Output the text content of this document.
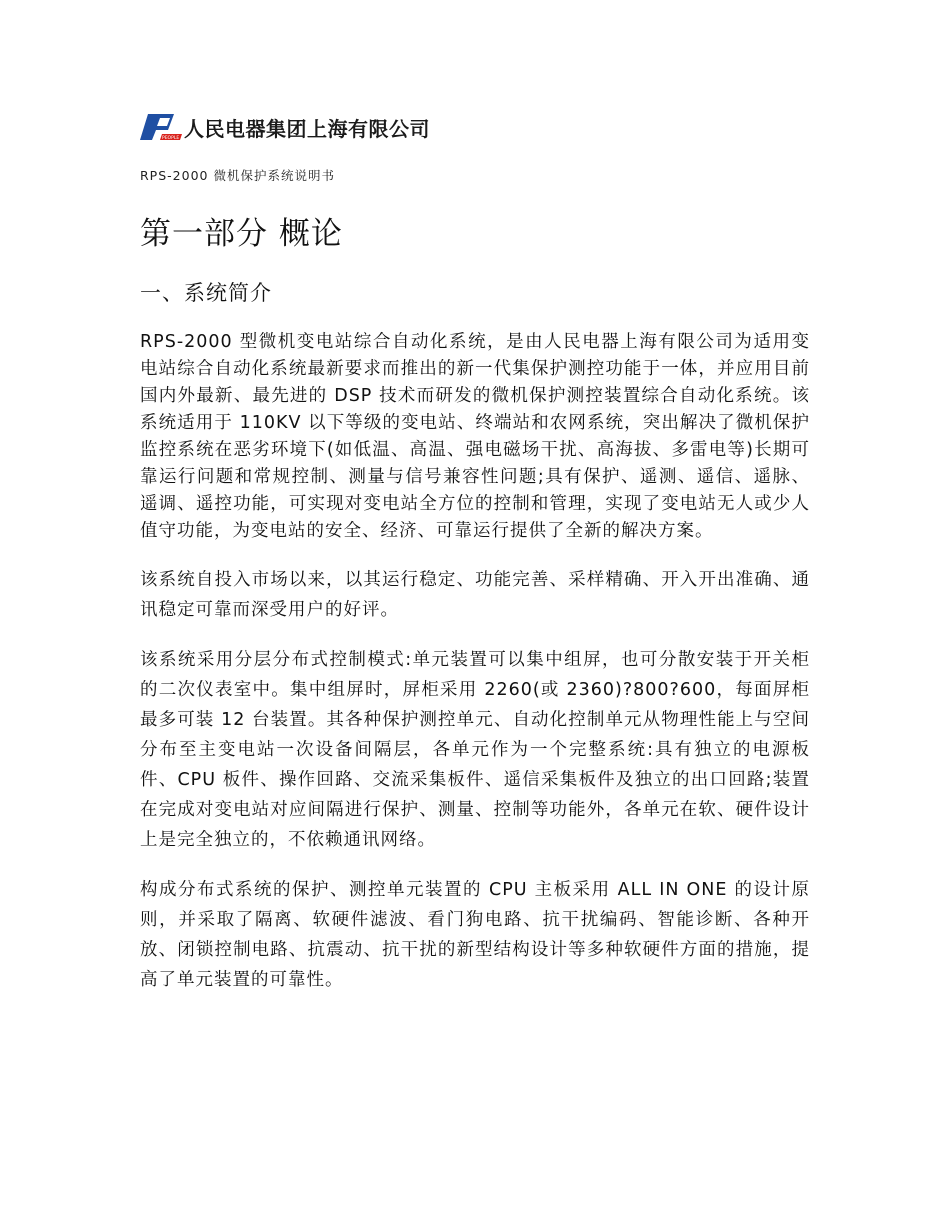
PEOPLE 人民电器集团上海有限公司
RPS-2000 微机保护系统说明书
第一部分 概论
一、系统简介

RPS-2000 型微机变电站综合自动化系统，是由人民电器上海有限公司为适用变电站综合自动化系统最新要求而推出的新一代集保护测控功能于一体，并应用目前国内外最新、最先进的 DSP 技术而研发的微机保护测控装置综合自动化系统。该系统适用于 110KV 以下等级的变电站、终端站和农网系统，突出解决了微机保护监控系统在恶劣环境下(如低温、高温、强电磁场干扰、高海拔、多雷电等)长期可靠运行问题和常规控制、测量与信号兼容性问题;具有保护、遥测、遥信、遥脉、遥调、遥控功能，可实现对变电站全方位的控制和管理，实现了变电站无人或少人值守功能，为变电站的安全、经济、可靠运行提供了全新的解决方案。

该系统自投入市场以来，以其运行稳定、功能完善、采样精确、开入开出准确、通讯稳定可靠而深受用户的好评。

该系统采用分层分布式控制模式:单元装置可以集中组屏，也可分散安装于开关柜的二次仪表室中。集中组屏时，屏柜采用 2260(或 2360)?800?600，每面屏柜最多可装 12 台装置。其各种保护测控单元、自动化控制单元从物理性能上与空间分布至主变电站一次设备间隔层，各单元作为一个完整系统:具有独立的电源板件、CPU 板件、操作回路、交流采集板件、遥信采集板件及独立的出口回路;装置在完成对变电站对应间隔进行保护、测量、控制等功能外，各单元在软、硬件设计上是完全独立的，不依赖通讯网络。

构成分布式系统的保护、测控单元装置的 CPU 主板采用 ALL IN ONE 的设计原则，并采取了隔离、软硬件滤波、看门狗电路、抗干扰编码、智能诊断、各种开放、闭锁控制电路、抗震动、抗干扰的新型结构设计等多种软硬件方面的措施，提高了单元装置的可靠性。
